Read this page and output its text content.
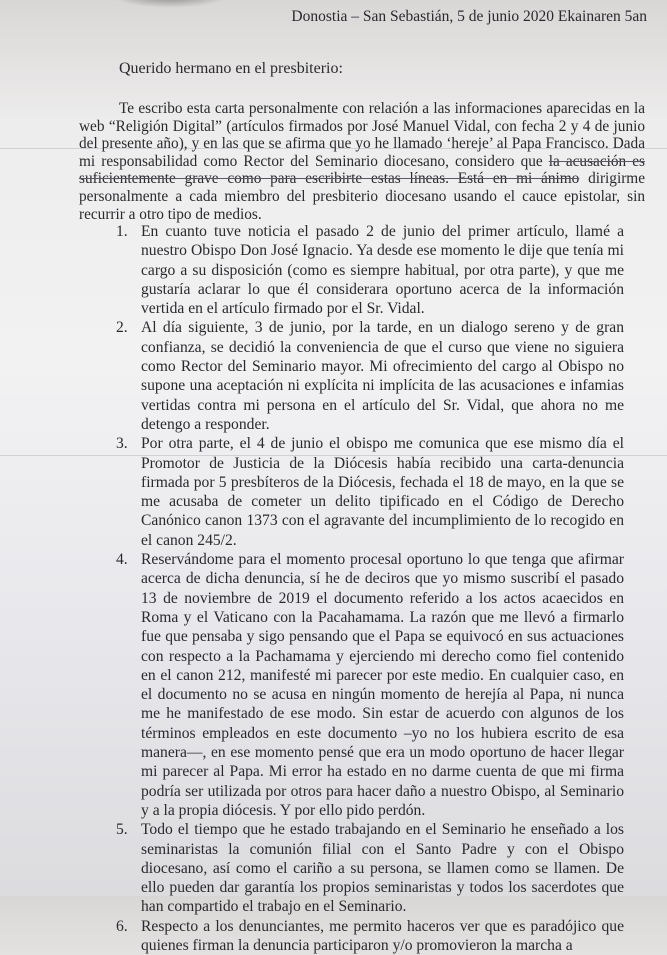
Donostia – San Sebastián, 5 de junio 2020 Ekainaren 5an
Querido hermano en el presbiterio:

Te escribo esta carta personalmente con relación a las informaciones aparecidas en la web “Religión Digital” (artículos firmados por José Manuel Vidal, con fecha 2 y 4 de junio del presente año), y en las que se afirma que yo he llamado ‘hereje’ al Papa Francisco. Dada mi responsabilidad como Rector del Seminario diocesano, considero que la acusación es suficientemente grave como para escribirte estas líneas. Está en mi ánimo dirigirme personalmente a cada miembro del presbiterio diocesano usando el cauce epistolar, sin recurrir a otro tipo de medios.

1. En cuanto tuve noticia el pasado 2 de junio del primer artículo, llamé a nuestro Obispo Don José Ignacio. Ya desde ese momento le dije que tenía mi cargo a su disposición (como es siempre habitual, por otra parte), y que me gustaría aclarar lo que él considerara oportuno acerca de la información vertida en el artículo firmado por el Sr. Vidal.
2. Al día siguiente, 3 de junio, por la tarde, en un dialogo sereno y de gran confianza, se decidió la conveniencia de que el curso que viene no siguiera como Rector del Seminario mayor. Mi ofrecimiento del cargo al Obispo no supone una aceptación ni explícita ni implícita de las acusaciones e infamias vertidas contra mi persona en el artículo del Sr. Vidal, que ahora no me detengo a responder.
3. Por otra parte, el 4 de junio el obispo me comunica que ese mismo día el Promotor de Justicia de la Diócesis había recibido una carta-denuncia firmada por 5 presbíteros de la Diócesis, fechada el 18 de mayo, en la que se me acusaba de cometer un delito tipificado en el Código de Derecho Canónico canon 1373 con el agravante del incumplimiento de lo recogido en el canon 245/2.
4. Reservándome para el momento procesal oportuno lo que tenga que afirmar acerca de dicha denuncia, sí he de deciros que yo mismo suscribí el pasado 13 de noviembre de 2019 el documento referido a los actos acaecidos en Roma y el Vaticano con la Pacahamama. La razón que me llevó a firmarlo fue que pensaba y sigo pensando que el Papa se equivocó en sus actuaciones con respecto a la Pachamama y ejerciendo mi derecho como fiel contenido en el canon 212, manifesté mi parecer por este medio. En cualquier caso, en el documento no se acusa en ningún momento de herejía al Papa, ni nunca me he manifestado de ese modo. Sin estar de acuerdo con algunos de los términos empleados en este documento –yo no los hubiera escrito de esa manera—, en ese momento pensé que era un modo oportuno de hacer llegar mi parecer al Papa. Mi error ha estado en no darme cuenta de que mi firma podría ser utilizada por otros para hacer daño a nuestro Obispo, al Seminario y a la propia diócesis. Y por ello pido perdón.
5. Todo el tiempo que he estado trabajando en el Seminario he enseñado a los seminaristas la comunión filial con el Santo Padre y con el Obispo diocesano, así como el cariño a su persona, se llamen como se llamen. De ello pueden dar garantía los propios seminaristas y todos los sacerdotes que han compartido el trabajo en el Seminario.
6. Respecto a los denunciantes, me permito haceros ver que es paradójico que quienes firman la denuncia participaron y/o promovieron la marcha a
